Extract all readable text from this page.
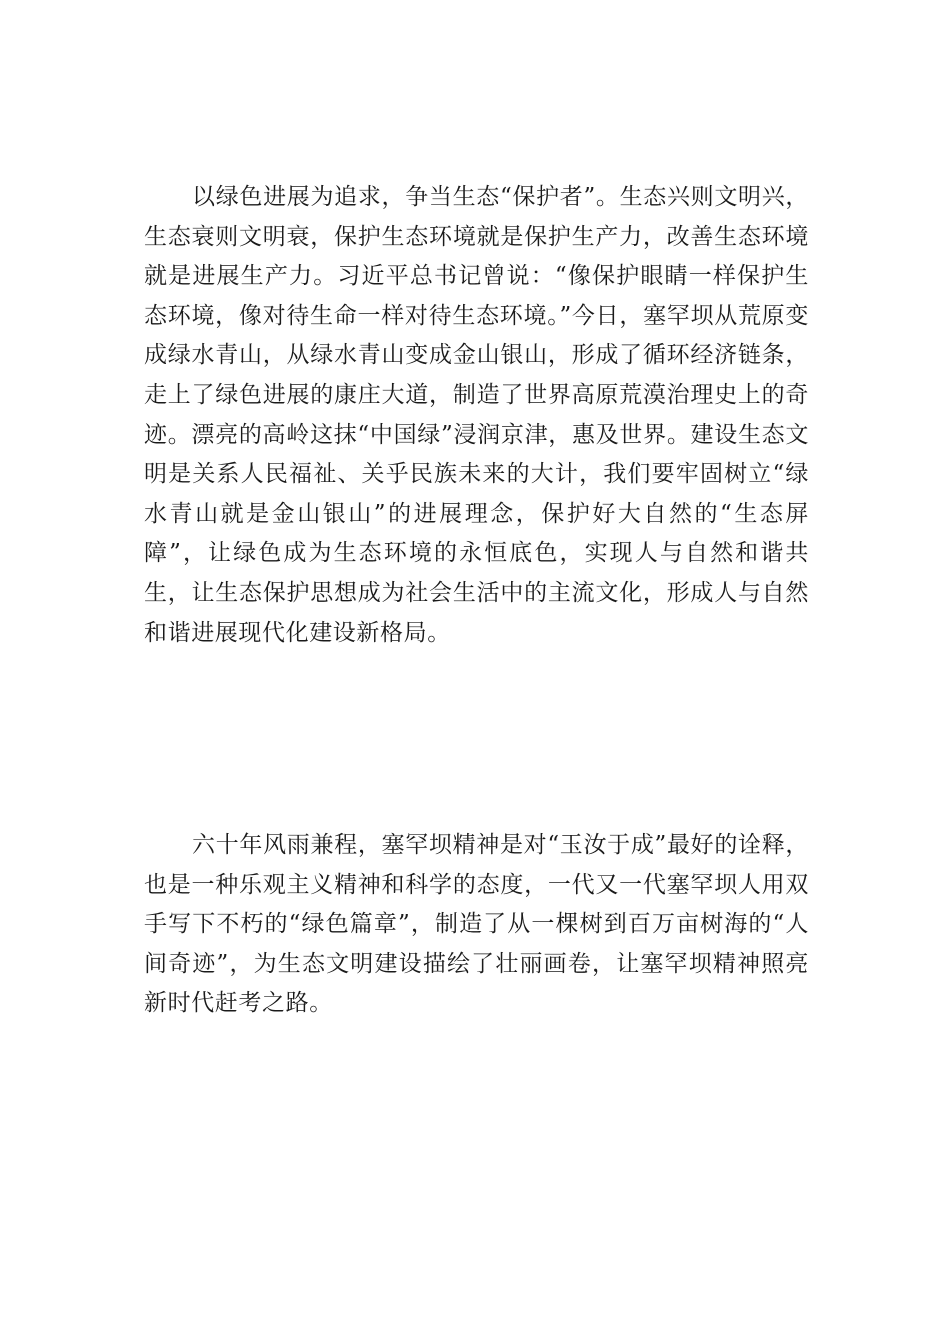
以绿色进展为追求，争当生态“保护者”。生态兴则文明兴，生态衰则文明衰，保护生态环境就是保护生产力，改善生态环境就是进展生产力。习近平总书记曾说：“像保护眼睛一样保护生态环境，像对待生命一样对待生态环境。”今日，塞罕坝从荒原变成绿水青山，从绿水青山变成金山银山，形成了循环经济链条，走上了绿色进展的康庄大道，制造了世界高原荒漠治理史上的奇迹。漂亮的高岭这抹“中国绿”浸润京津，惠及世界。建设生态文明是关系人民福祉、关乎民族未来的大计，我们要牢固树立“绿水青山就是金山银山”的进展理念，保护好大自然的“生态屏障”，让绿色成为生态环境的永恒底色，实现人与自然和谐共生，让生态保护思想成为社会生活中的主流文化，形成人与自然和谐进展现代化建设新格局。

六十年风雨兼程，塞罕坝精神是对“玉汝于成”最好的诠释，也是一种乐观主义精神和科学的态度，一代又一代塞罕坝人用双手写下不朽的“绿色篇章”，制造了从一棵树到百万亩树海的“人间奇迹”，为生态文明建设描绘了壮丽画卷，让塞罕坝精神照亮新时代赶考之路。
